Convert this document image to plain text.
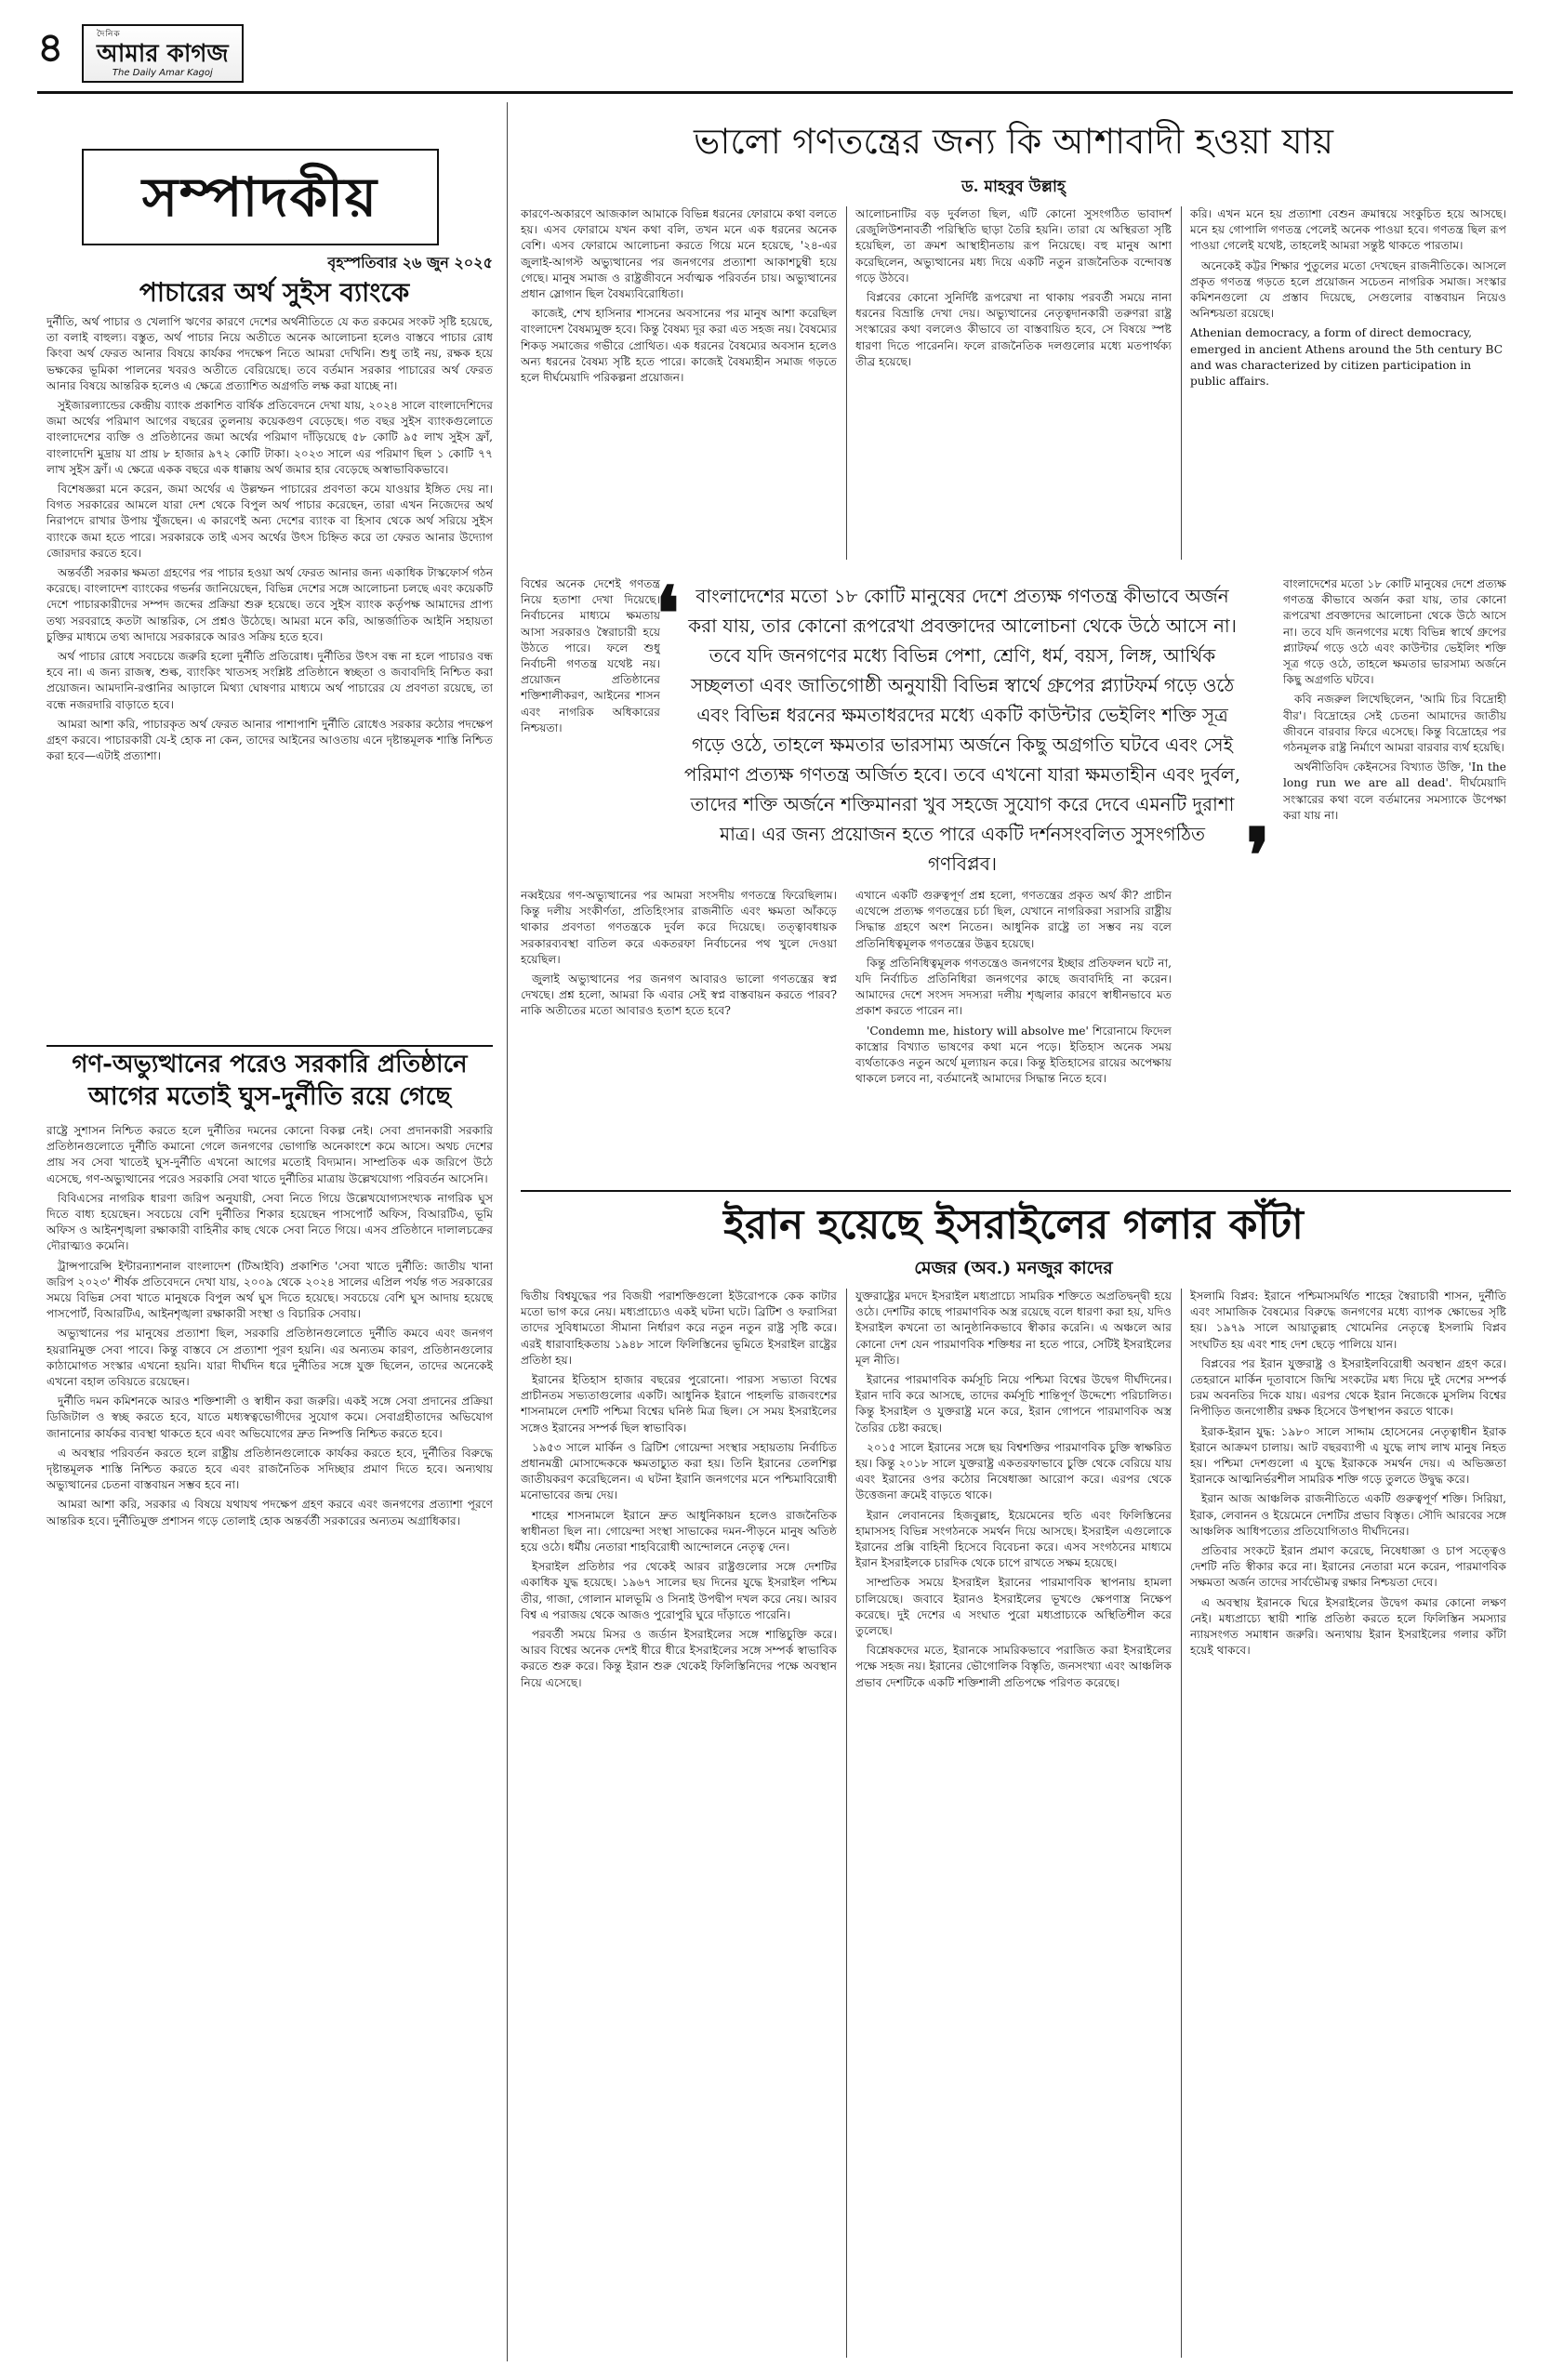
৪	দৈনিক
আমার কাগজ
The Daily Amar Kagoj
সম্পাদকীয়
বৃহস্পতিবার ২৬ জুন ২০২৫
পাচারের অর্থ সুইস ব্যাংকে

দুর্নীতি, অর্থ পাচার ও খেলাপি ঋণের কারণে দেশের অর্থনীতিতে যে কত রকমের সংকট সৃষ্টি হয়েছে, তা বলাই বাহুল্য। বস্তুত, অর্থ পাচার নিয়ে অতীতে অনেক আলোচনা হলেও বাস্তবে পাচার রোধ কিংবা অর্থ ফেরত আনার বিষয়ে কার্যকর পদক্ষেপ নিতে আমরা দেখিনি। শুধু তাই নয়, রক্ষক হয়ে ভক্ষকের ভূমিকা পালনের খবরও অতীতে বেরিয়েছে। তবে বর্তমান সরকার পাচারের অর্থ ফেরত আনার বিষয়ে আন্তরিক হলেও এ ক্ষেত্রে প্রত্যাশিত অগ্রগতি লক্ষ করা যাচ্ছে না।

সুইজারল্যান্ডের কেন্দ্রীয় ব্যাংক প্রকাশিত বার্ষিক প্রতিবেদনে দেখা যায়, ২০২৪ সালে বাংলাদেশিদের জমা অর্থের পরিমাণ আগের বছরের তুলনায় কয়েকগুণ বেড়েছে। গত বছর সুইস ব্যাংকগুলোতে বাংলাদেশের ব্যক্তি ও প্রতিষ্ঠানের জমা অর্থের পরিমাণ দাঁড়িয়েছে ৫৮ কোটি ৯৫ লাখ সুইস ফ্রাঁ, বাংলাদেশি মুদ্রায় যা প্রায় ৮ হাজার ৯৭২ কোটি টাকা। ২০২৩ সালে এর পরিমাণ ছিল ১ কোটি ৭৭ লাখ সুইস ফ্রাঁ। এ ক্ষেত্রে একক বছরে এক ধাক্কায় অর্থ জমার হার বেড়েছে অস্বাভাবিকভাবে।

বিশেষজ্ঞরা মনে করেন, জমা অর্থের এ উল্লম্ফন পাচারের প্রবণতা কমে যাওয়ার ইঙ্গিত দেয় না। বিগত সরকারের আমলে যারা দেশ থেকে বিপুল অর্থ পাচার করেছেন, তারা এখন নিজেদের অর্থ নিরাপদে রাখার উপায় খুঁজছেন। এ কারণেই অন্য দেশের ব্যাংক বা হিসাব থেকে অর্থ সরিয়ে সুইস ব্যাংকে জমা হতে পারে। সরকারকে তাই এসব অর্থের উৎস চিহ্নিত করে তা ফেরত আনার উদ্যোগ জোরদার করতে হবে।

অন্তর্বর্তী সরকার ক্ষমতা গ্রহণের পর পাচার হওয়া অর্থ ফেরত আনার জন্য একাধিক টাস্কফোর্স গঠন করেছে। বাংলাদেশ ব্যাংকের গভর্নর জানিয়েছেন, বিভিন্ন দেশের সঙ্গে আলোচনা চলছে এবং কয়েকটি দেশে পাচারকারীদের সম্পদ জব্দের প্রক্রিয়া শুরু হয়েছে। তবে সুইস ব্যাংক কর্তৃপক্ষ আমাদের প্রাপ্য তথ্য সরবরাহে কতটা আন্তরিক, সে প্রশ্নও উঠেছে। আমরা মনে করি, আন্তর্জাতিক আইনি সহায়তা চুক্তির মাধ্যমে তথ্য আদায়ে সরকারকে আরও সক্রিয় হতে হবে।

অর্থ পাচার রোধে সবচেয়ে জরুরি হলো দুর্নীতি প্রতিরোধ। দুর্নীতির উৎস বন্ধ না হলে পাচারও বন্ধ হবে না। এ জন্য রাজস্ব, শুল্ক, ব্যাংকিং খাতসহ সংশ্লিষ্ট প্রতিষ্ঠানে স্বচ্ছতা ও জবাবদিহি নিশ্চিত করা প্রয়োজন। আমদানি-রপ্তানির আড়ালে মিথ্যা ঘোষণার মাধ্যমে অর্থ পাচারের যে প্রবণতা রয়েছে, তা বন্ধে নজরদারি বাড়াতে হবে।

আমরা আশা করি, পাচারকৃত অর্থ ফেরত আনার পাশাপাশি দুর্নীতি রোধেও সরকার কঠোর পদক্ষেপ গ্রহণ করবে। পাচারকারী যে-ই হোক না কেন, তাদের আইনের আওতায় এনে দৃষ্টান্তমূলক শাস্তি নিশ্চিত করা হবে—এটাই প্রত্যাশা।

গণ-অভ্যুত্থানের পরেও সরকারি প্রতিষ্ঠানে
আগের মতোই ঘুস-দুর্নীতি রয়ে গেছে

রাষ্ট্রে সুশাসন নিশ্চিত করতে হলে দুর্নীতির দমনের কোনো বিকল্প নেই। সেবা প্রদানকারী সরকারি প্রতিষ্ঠানগুলোতে দুর্নীতি কমানো গেলে জনগণের ভোগান্তি অনেকাংশে কমে আসে। অথচ দেশের প্রায় সব সেবা খাতেই ঘুস-দুর্নীতি এখনো আগের মতোই বিদ্যমান। সাম্প্রতিক এক জরিপে উঠে এসেছে, গণ-অভ্যুত্থানের পরেও সরকারি সেবা খাতে দুর্নীতির মাত্রায় উল্লেখযোগ্য পরিবর্তন আসেনি।

বিবিএসের নাগরিক ধারণা জরিপ অনুযায়ী, সেবা নিতে গিয়ে উল্লেখযোগ্যসংখ্যক নাগরিক ঘুস দিতে বাধ্য হয়েছেন। সবচেয়ে বেশি দুর্নীতির শিকার হয়েছেন পাসপোর্ট অফিস, বিআরটিএ, ভূমি অফিস ও আইনশৃঙ্খলা রক্ষাকারী বাহিনীর কাছ থেকে সেবা নিতে গিয়ে। এসব প্রতিষ্ঠানে দালালচক্রের দৌরাত্ম্যও কমেনি।

ট্রান্সপারেন্সি ইন্টারন্যাশনাল বাংলাদেশ (টিআইবি) প্রকাশিত 'সেবা খাতে দুর্নীতি: জাতীয় খানা জরিপ ২০২৩' শীর্ষক প্রতিবেদনে দেখা যায়, ২০০৯ থেকে ২০২৪ সালের এপ্রিল পর্যন্ত গত সরকারের সময়ে বিভিন্ন সেবা খাতে মানুষকে বিপুল অর্থ ঘুস দিতে হয়েছে। সবচেয়ে বেশি ঘুস আদায় হয়েছে পাসপোর্ট, বিআরটিএ, আইনশৃঙ্খলা রক্ষাকারী সংস্থা ও বিচারিক সেবায়।

অভ্যুত্থানের পর মানুষের প্রত্যাশা ছিল, সরকারি প্রতিষ্ঠানগুলোতে দুর্নীতি কমবে এবং জনগণ হয়রানিমুক্ত সেবা পাবে। কিন্তু বাস্তবে সে প্রত্যাশা পূরণ হয়নি। এর অন্যতম কারণ, প্রতিষ্ঠানগুলোর কাঠামোগত সংস্কার এখনো হয়নি। যারা দীর্ঘদিন ধরে দুর্নীতির সঙ্গে যুক্ত ছিলেন, তাদের অনেকেই এখনো বহাল তবিয়তে রয়েছেন।

দুর্নীতি দমন কমিশনকে আরও শক্তিশালী ও স্বাধীন করা জরুরি। একই সঙ্গে সেবা প্রদানের প্রক্রিয়া ডিজিটাল ও স্বচ্ছ করতে হবে, যাতে মধ্যস্বত্বভোগীদের সুযোগ কমে। সেবাগ্রহীতাদের অভিযোগ জানানোর কার্যকর ব্যবস্থা থাকতে হবে এবং অভিযোগের দ্রুত নিষ্পত্তি নিশ্চিত করতে হবে।

এ অবস্থার পরিবর্তন করতে হলে রাষ্ট্রীয় প্রতিষ্ঠানগুলোকে কার্যকর করতে হবে, দুর্নীতির বিরুদ্ধে দৃষ্টান্তমূলক শাস্তি নিশ্চিত করতে হবে এবং রাজনৈতিক সদিচ্ছার প্রমাণ দিতে হবে। অন্যথায় অভ্যুত্থানের চেতনা বাস্তবায়ন সম্ভব হবে না।

আমরা আশা করি, সরকার এ বিষয়ে যথাযথ পদক্ষেপ গ্রহণ করবে এবং জনগণের প্রত্যাশা পূরণে আন্তরিক হবে। দুর্নীতিমুক্ত প্রশাসন গড়ে তোলাই হোক অন্তর্বর্তী সরকারের অন্যতম অগ্রাধিকার।

ভালো গণতন্ত্রের জন্য কি আশাবাদী হওয়া যায়
ড. মাহবুব উল্লাহ্

কারণে-অকারণে আজকাল আমাকে বিভিন্ন ধরনের ফোরামে কথা বলতে হয়। এসব ফোরামে যখন কথা বলি, তখন মনে এক ধরনের অনেক বেশি। এসব ফোরামে আলোচনা করতে গিয়ে মনে হয়েছে, '২৪-এর জুলাই-আগস্ট অভ্যুত্থানের পর জনগণের প্রত্যাশা আকাশচুম্বী হয়ে গেছে। মানুষ সমাজ ও রাষ্ট্রজীবনে সর্বাত্মক পরিবর্তন চায়। অভ্যুত্থানের প্রধান স্লোগান ছিল বৈষম্যবিরোধিতা।

কাজেই, শেখ হাসিনার শাসনের অবসানের পর মানুষ আশা করেছিল বাংলাদেশ বৈষম্যমুক্ত হবে। কিন্তু বৈষম্য দূর করা এত সহজ নয়। বৈষম্যের শিকড় সমাজের গভীরে প্রোথিত। এক ধরনের বৈষম্যের অবসান হলেও অন্য ধরনের বৈষম্য সৃষ্টি হতে পারে। কাজেই বৈষম্যহীন সমাজ গড়তে হলে দীর্ঘমেয়াদি পরিকল্পনা প্রয়োজন।

আলোচনাটির বড় দুর্বলতা ছিল, এটি কোনো সুসংগঠিত ভাবাদর্শ রেজুলিউশনাবর্তী পরিস্থিতি ছাড়া তৈরি হয়নি। তারা যে অস্থিরতা সৃষ্টি হয়েছিল, তা ক্রমশ আস্থাহীনতায় রূপ নিয়েছে। বহু মানুষ আশা করেছিলেন, অভ্যুত্থানের মধ্য দিয়ে একটি নতুন রাজনৈতিক বন্দোবস্ত গড়ে উঠবে।

বিপ্লবের কোনো সুনির্দিষ্ট রূপরেখা না থাকায় পরবর্তী সময়ে নানা ধরনের বিভ্রান্তি দেখা দেয়। অভ্যুত্থানের নেতৃত্বদানকারী তরুণরা রাষ্ট্র সংস্কারের কথা বললেও কীভাবে তা বাস্তবায়িত হবে, সে বিষয়ে স্পষ্ট ধারণা দিতে পারেননি। ফলে রাজনৈতিক দলগুলোর মধ্যে মতপার্থক্য তীব্র হয়েছে।

করি। এখন মনে হয় প্রত্যাশা বেশুন ক্রমান্বয়ে সংকুচিত হয়ে আসছে। মনে হয় গোপালি গণতন্ত্র পেলেই অনেক পাওয়া হবে। গণতন্ত্র ছিল রূপ পাওয়া গেলেই যথেষ্ট, তাহলেই আমরা সন্তুষ্ট থাকতে পারতাম।

অনেকেই কট্টর শিক্ষার পুতুলের মতো দেখছেন রাজনীতিকে। আসলে প্রকৃত গণতন্ত্র গড়তে হলে প্রয়োজন সচেতন নাগরিক সমাজ। সংস্কার কমিশনগুলো যে প্রস্তাব দিয়েছে, সেগুলোর বাস্তবায়ন নিয়েও অনিশ্চয়তা রয়েছে।

Athenian democracy, a form of direct democracy, emerged in ancient Athens around the 5th century BC and was characterized by citizen participation in public affairs.

❛ বাংলাদেশের মতো ১৮ কোটি মানুষের দেশে প্রত্যক্ষ গণতন্ত্র কীভাবে অর্জন করা যায়, তার কোনো রূপরেখা প্রবক্তাদের আলোচনা থেকে উঠে আসে না। তবে যদি জনগণের মধ্যে বিভিন্ন পেশা, শ্রেণি, ধর্ম, বয়স, লিঙ্গ, আর্থিক সচ্ছলতা এবং জাতিগোষ্ঠী অনুযায়ী বিভিন্ন স্বার্থে গ্রুপের প্ল্যাটফর্ম গড়ে ওঠে এবং বিভিন্ন ধরনের ক্ষমতাধরদের মধ্যে একটি কাউন্টার ভেইলিং শক্তি সূত্র গড়ে ওঠে, তাহলে ক্ষমতার ভারসাম্য অর্জনে কিছু অগ্রগতি ঘটবে এবং সেই পরিমাণ প্রত্যক্ষ গণতন্ত্র অর্জিত হবে। তবে এখনো যারা ক্ষমতাহীন এবং দুর্বল, তাদের শক্তি অর্জনে শক্তিমানরা খুব সহজে সুযোগ করে দেবে এমনটি দুরাশা মাত্র। এর জন্য প্রয়োজন হতে পারে একটি দর্শনসংবলিত সুসংগঠিত গণবিপ্লব।	❜

বিশ্বের অনেক দেশেই গণতন্ত্র নিয়ে হতাশা দেখা দিয়েছে। নির্বাচনের মাধ্যমে ক্ষমতায় আসা সরকারও স্বৈরাচারী হয়ে উঠতে পারে। ফলে শুধু নির্বাচনী গণতন্ত্র যথেষ্ট নয়। প্রয়োজন প্রতিষ্ঠানের শক্তিশালীকরণ, আইনের শাসন এবং নাগরিক অধিকারের নিশ্চয়তা।

নব্বইয়ের গণ-অভ্যুত্থানের পর আমরা সংসদীয় গণতন্ত্রে ফিরেছিলাম। কিন্তু দলীয় সংকীর্ণতা, প্রতিহিংসার রাজনীতি এবং ক্ষমতা আঁকড়ে থাকার প্রবণতা গণতন্ত্রকে দুর্বল করে দিয়েছে। তত্ত্বাবধায়ক সরকারব্যবস্থা বাতিল করে একতরফা নির্বাচনের পথ খুলে দেওয়া হয়েছিল।

জুলাই অভ্যুত্থানের পর জনগণ আবারও ভালো গণতন্ত্রের স্বপ্ন দেখছে। প্রশ্ন হলো, আমরা কি এবার সেই স্বপ্ন বাস্তবায়ন করতে পারব? নাকি অতীতের মতো আবারও হতাশ হতে হবে?

এখানে একটি গুরুত্বপূর্ণ প্রশ্ন হলো, গণতন্ত্রের প্রকৃত অর্থ কী? প্রাচীন এথেন্সে প্রত্যক্ষ গণতন্ত্রের চর্চা ছিল, যেখানে নাগরিকরা সরাসরি রাষ্ট্রীয় সিদ্ধান্ত গ্রহণে অংশ নিতেন। আধুনিক রাষ্ট্রে তা সম্ভব নয় বলে প্রতিনিধিত্বমূলক গণতন্ত্রের উদ্ভব হয়েছে।

কিন্তু প্রতিনিধিত্বমূলক গণতন্ত্রেও জনগণের ইচ্ছার প্রতিফলন ঘটে না, যদি নির্বাচিত প্রতিনিধিরা জনগণের কাছে জবাবদিহি না করেন। আমাদের দেশে সংসদ সদস্যরা দলীয় শৃঙ্খলার কারণে স্বাধীনভাবে মত প্রকাশ করতে পারেন না।

'Condemn me, history will absolve me' শিরোনামে ফিদেল কাস্ত্রোর বিখ্যাত ভাষণের কথা মনে পড়ে। ইতিহাস অনেক সময় ব্যর্থতাকেও নতুন অর্থে মূল্যায়ন করে। কিন্তু ইতিহাসের রায়ের অপেক্ষায় থাকলে চলবে না, বর্তমানেই আমাদের সিদ্ধান্ত নিতে হবে।

বাংলাদেশের মতো ১৮ কোটি মানুষের দেশে প্রত্যক্ষ গণতন্ত্র কীভাবে অর্জন করা যায়, তার কোনো রূপরেখা প্রবক্তাদের আলোচনা থেকে উঠে আসে না। তবে যদি জনগণের মধ্যে বিভিন্ন স্বার্থে গ্রুপের প্ল্যাটফর্ম গড়ে ওঠে এবং কাউন্টার ভেইলিং শক্তি সূত্র গড়ে ওঠে, তাহলে ক্ষমতার ভারসাম্য অর্জনে কিছু অগ্রগতি ঘটবে।

কবি নজরুল লিখেছিলেন, 'আমি চির বিদ্রোহী বীর'। বিদ্রোহের সেই চেতনা আমাদের জাতীয় জীবনে বারবার ফিরে এসেছে। কিন্তু বিদ্রোহের পর গঠনমূলক রাষ্ট্র নির্মাণে আমরা বারবার ব্যর্থ হয়েছি।

অর্থনীতিবিদ কেইনসের বিখ্যাত উক্তি, 'In the long run we are all dead'. দীর্ঘমেয়াদি সংস্কারের কথা বলে বর্তমানের সমস্যাকে উপেক্ষা করা যায় না।

ইরান হয়েছে ইসরাইলের গলার কাঁটা
মেজর (অব.) মনজুর কাদের

দ্বিতীয় বিশ্বযুদ্ধের পর বিজয়ী পরাশক্তিগুলো ইউরোপকে কেক কাটার মতো ভাগ করে নেয়। মধ্যপ্রাচ্যেও একই ঘটনা ঘটে। ব্রিটিশ ও ফরাসিরা তাদের সুবিধামতো সীমানা নির্ধারণ করে নতুন নতুন রাষ্ট্র সৃষ্টি করে। এরই ধারাবাহিকতায় ১৯৪৮ সালে ফিলিস্তিনের ভূমিতে ইসরাইল রাষ্ট্রের প্রতিষ্ঠা হয়।

ইরানের ইতিহাস হাজার বছরের পুরোনো। পারস্য সভ্যতা বিশ্বের প্রাচীনতম সভ্যতাগুলোর একটি। আধুনিক ইরানে পাহলভি রাজবংশের শাসনামলে দেশটি পশ্চিমা বিশ্বের ঘনিষ্ঠ মিত্র ছিল। সে সময় ইসরাইলের সঙ্গেও ইরানের সম্পর্ক ছিল স্বাভাবিক।

১৯৫৩ সালে মার্কিন ও ব্রিটিশ গোয়েন্দা সংস্থার সহায়তায় নির্বাচিত প্রধানমন্ত্রী মোসাদ্দেককে ক্ষমতাচ্যুত করা হয়। তিনি ইরানের তেলশিল্প জাতীয়করণ করেছিলেন। এ ঘটনা ইরানি জনগণের মনে পশ্চিমাবিরোধী মনোভাবের জন্ম দেয়।

শাহের শাসনামলে ইরানে দ্রুত আধুনিকায়ন হলেও রাজনৈতিক স্বাধীনতা ছিল না। গোয়েন্দা সংস্থা সাভাকের দমন-পীড়নে মানুষ অতিষ্ঠ হয়ে ওঠে। ধর্মীয় নেতারা শাহবিরোধী আন্দোলনে নেতৃত্ব দেন।

ইসরাইল প্রতিষ্ঠার পর থেকেই আরব রাষ্ট্রগুলোর সঙ্গে দেশটির একাধিক যুদ্ধ হয়েছে। ১৯৬৭ সালের ছয় দিনের যুদ্ধে ইসরাইল পশ্চিম তীর, গাজা, গোলান মালভূমি ও সিনাই উপদ্বীপ দখল করে নেয়। আরব বিশ্ব এ পরাজয় থেকে আজও পুরোপুরি ঘুরে দাঁড়াতে পারেনি।

পরবর্তী সময়ে মিসর ও জর্ডান ইসরাইলের সঙ্গে শান্তিচুক্তি করে। আরব বিশ্বের অনেক দেশই ধীরে ধীরে ইসরাইলের সঙ্গে সম্পর্ক স্বাভাবিক করতে শুরু করে। কিন্তু ইরান শুরু থেকেই ফিলিস্তিনিদের পক্ষে অবস্থান নিয়ে এসেছে।

যুক্তরাষ্ট্রের মদদে ইসরাইল মধ্যপ্রাচ্যে সামরিক শক্তিতে অপ্রতিদ্বন্দ্বী হয়ে ওঠে। দেশটির কাছে পারমাণবিক অস্ত্র রয়েছে বলে ধারণা করা হয়, যদিও ইসরাইল কখনো তা আনুষ্ঠানিকভাবে স্বীকার করেনি। এ অঞ্চলে আর কোনো দেশ যেন পারমাণবিক শক্তিধর না হতে পারে, সেটিই ইসরাইলের মূল নীতি।

ইরানের পারমাণবিক কর্মসূচি নিয়ে পশ্চিমা বিশ্বের উদ্বেগ দীর্ঘদিনের। ইরান দাবি করে আসছে, তাদের কর্মসূচি শান্তিপূর্ণ উদ্দেশ্যে পরিচালিত। কিন্তু ইসরাইল ও যুক্তরাষ্ট্র মনে করে, ইরান গোপনে পারমাণবিক অস্ত্র তৈরির চেষ্টা করছে।

২০১৫ সালে ইরানের সঙ্গে ছয় বিশ্বশক্তির পারমাণবিক চুক্তি স্বাক্ষরিত হয়। কিন্তু ২০১৮ সালে যুক্তরাষ্ট্র একতরফাভাবে চুক্তি থেকে বেরিয়ে যায় এবং ইরানের ওপর কঠোর নিষেধাজ্ঞা আরোপ করে। এরপর থেকে উত্তেজনা ক্রমেই বাড়তে থাকে।

ইরান লেবাননের হিজবুল্লাহ, ইয়েমেনের হুতি এবং ফিলিস্তিনের হামাসসহ বিভিন্ন সংগঠনকে সমর্থন দিয়ে আসছে। ইসরাইল এগুলোকে ইরানের প্রক্সি বাহিনী হিসেবে বিবেচনা করে। এসব সংগঠনের মাধ্যমে ইরান ইসরাইলকে চারদিক থেকে চাপে রাখতে সক্ষম হয়েছে।

সাম্প্রতিক সময়ে ইসরাইল ইরানের পারমাণবিক স্থাপনায় হামলা চালিয়েছে। জবাবে ইরানও ইসরাইলের ভূখণ্ডে ক্ষেপণাস্ত্র নিক্ষেপ করেছে। দুই দেশের এ সংঘাত পুরো মধ্যপ্রাচ্যকে অস্থিতিশীল করে তুলেছে।

বিশ্লেষকদের মতে, ইরানকে সামরিকভাবে পরাজিত করা ইসরাইলের পক্ষে সহজ নয়। ইরানের ভৌগোলিক বিস্তৃতি, জনসংখ্যা এবং আঞ্চলিক প্রভাব দেশটিকে একটি শক্তিশালী প্রতিপক্ষে পরিণত করেছে।

ইসলামি বিপ্লব: ইরানে পশ্চিমাসমর্থিত শাহের স্বৈরাচারী শাসন, দুর্নীতি এবং সামাজিক বৈষম্যের বিরুদ্ধে জনগণের মধ্যে ব্যাপক ক্ষোভের সৃষ্টি হয়। ১৯৭৯ সালে আয়াতুল্লাহ খোমেনির নেতৃত্বে ইসলামি বিপ্লব সংঘটিত হয় এবং শাহ দেশ ছেড়ে পালিয়ে যান।

বিপ্লবের পর ইরান যুক্তরাষ্ট্র ও ইসরাইলবিরোধী অবস্থান গ্রহণ করে। তেহরানে মার্কিন দূতাবাসে জিম্মি সংকটের মধ্য দিয়ে দুই দেশের সম্পর্ক চরম অবনতির দিকে যায়। এরপর থেকে ইরান নিজেকে মুসলিম বিশ্বের নিপীড়িত জনগোষ্ঠীর রক্ষক হিসেবে উপস্থাপন করতে থাকে।

ইরাক-ইরান যুদ্ধ: ১৯৮০ সালে সাদ্দাম হোসেনের নেতৃত্বাধীন ইরাক ইরানে আক্রমণ চালায়। আট বছরব্যাপী এ যুদ্ধে লাখ লাখ মানুষ নিহত হয়। পশ্চিমা দেশগুলো এ যুদ্ধে ইরাককে সমর্থন দেয়। এ অভিজ্ঞতা ইরানকে আত্মনির্ভরশীল সামরিক শক্তি গড়ে তুলতে উদ্বুদ্ধ করে।

ইরান আজ আঞ্চলিক রাজনীতিতে একটি গুরুত্বপূর্ণ শক্তি। সিরিয়া, ইরাক, লেবানন ও ইয়েমেনে দেশটির প্রভাব বিস্তৃত। সৌদি আরবের সঙ্গে আঞ্চলিক আধিপত্যের প্রতিযোগিতাও দীর্ঘদিনের।

প্রতিবার সংকটে ইরান প্রমাণ করেছে, নিষেধাজ্ঞা ও চাপ সত্ত্বেও দেশটি নতি স্বীকার করে না। ইরানের নেতারা মনে করেন, পারমাণবিক সক্ষমতা অর্জন তাদের সার্বভৌমত্ব রক্ষার নিশ্চয়তা দেবে।

এ অবস্থায় ইরানকে ঘিরে ইসরাইলের উদ্বেগ কমার কোনো লক্ষণ নেই। মধ্যপ্রাচ্যে স্থায়ী শান্তি প্রতিষ্ঠা করতে হলে ফিলিস্তিন সমস্যার ন্যায়সংগত সমাধান জরুরি। অন্যথায় ইরান ইসরাইলের গলার কাঁটা হয়েই থাকবে।
